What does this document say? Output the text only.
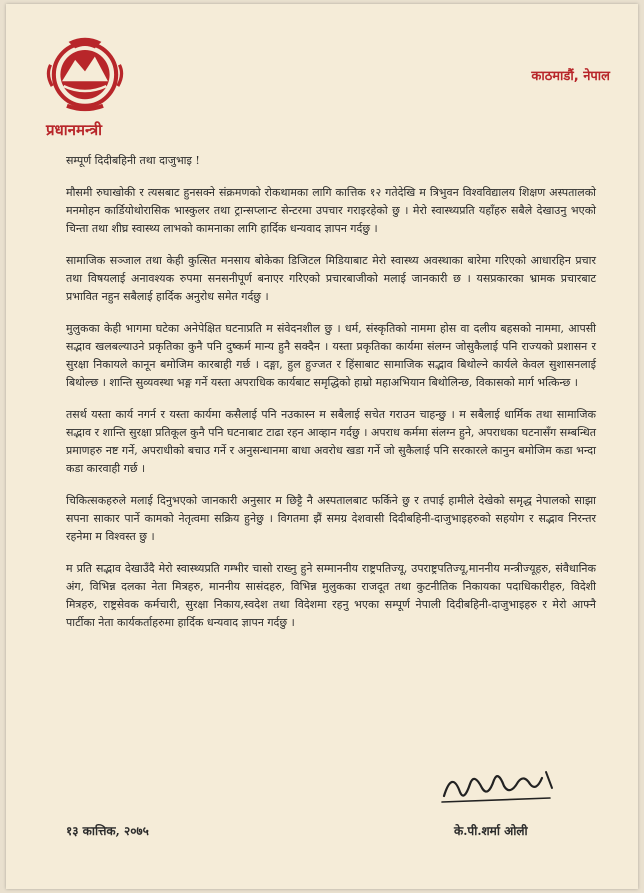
प्रधानमन्त्री
काठमाडौं, नेपाल

सम्पूर्ण दिदीबहिनी तथा दाजुभाइ !

मौसमी रुघाखोकी र त्यसबाट हुनसक्ने संक्रमणको रोकथामका लागि कात्तिक १२ गतेदेखि म त्रिभुवन विश्वविद्यालय शिक्षण अस्पतालको मनमोहन कार्डियोथोरासिक भास्कुलर तथा ट्रान्सप्लान्ट सेन्टरमा उपचार गराइरहेको छु । मेरो स्वास्थ्यप्रति यहाँहरु सबैले देखाउनु भएको चिन्ता तथा शीघ्र स्वास्थ्य लाभको कामनाका लागि हार्दिक धन्यवाद ज्ञापन गर्दछु ।

सामाजिक सञ्जाल तथा केही कुत्सित मनसाय बोकेका डिजिटल मिडियाबाट मेरो स्वास्थ्य अवस्थाका बारेमा गरिएको आधारहिन प्रचार तथा विषयलाई अनावश्यक रुपमा सनसनीपूर्ण बनाएर गरिएको प्रचारबाजीको मलाई जानकारी छ । यसप्रकारका भ्रामक प्रचारबाट प्रभावित नहुन सबैलाई हार्दिक अनुरोध समेत गर्दछु ।

मुलुकका केही भागमा घटेका अनेपेक्षित घटनाप्रति म संवेदनशील छु । धर्म, संस्कृतिको नाममा होस वा दलीय बहसको नाममा, आपसी सद्भाव खलबल्याउने प्रकृतिका कुनै पनि दुष्कर्म मान्य हुनै सक्दैन । यस्ता प्रकृतिका कार्यमा संलग्न जोसुकैलाई पनि राज्यको प्रशासन र सुरक्षा निकायले कानून बमोजिम कारबाही गर्छ । दङ्गा, हुल हुज्जत र हिंसाबाट सामाजिक सद्भाव बिथोल्ने कार्यले केवल सुशासनलाई बिथोल्छ । शान्ति सुव्यवस्था भङ्ग गर्ने यस्ता अपराधिक कार्यबाट समृद्धिको हाम्रो महाअभियान बिथोलिन्छ, विकासको मार्ग भत्किन्छ ।

तसर्थ यस्ता कार्य नगर्न र यस्ता कार्यमा कसैलाई पनि नउकास्न म सबैलाई सचेत गराउन चाहन्छु । म सबैलाई धार्मिक तथा सामाजिक सद्भाव र शान्ति सुरक्षा प्रतिकूल कुनै पनि घटनाबाट टाढा रहन आव्हान गर्दछु । अपराध कर्ममा संलग्न हुने, अपराधका घटनासँग सम्बन्धित प्रमाणहरु नष्ट गर्ने, अपराधीको बचाउ गर्ने र अनुसन्धानमा बाधा अवरोध खडा गर्ने जो सुकैलाई पनि सरकारले कानुन बमोजिम कडा भन्दा कडा कारवाही गर्छ ।

चिकित्सकहरुले मलाई दिनुभएको जानकारी अनुसार म छिट्टै नै अस्पतालबाट फर्किने छु र तपाई हामीले देखेको समृद्ध नेपालको साझा सपना साकार पार्ने कामको नेतृत्वमा सक्रिय हुनेछु । विगतमा झैं समग्र देशवासी दिदीबहिनी-दाजुभाइहरुको सहयोग र सद्भाव निरन्तर रहनेमा म विश्वस्त छु ।

म प्रति सद्भाव देखाउँदै मेरो स्वास्थ्यप्रति गम्भीर चासो राख्नु हुने सम्माननीय राष्ट्रपतिज्यू, उपराष्ट्रपतिज्यू,माननीय मन्त्रीज्यूहरु, संवैधानिक अंग, विभिन्न दलका नेता मित्रहरु, माननीय सासंदहरु, विभिन्न मुलुकका राजदूत तथा कुटनीतिक निकायका पदाधिकारीहरु, विदेशी मित्रहरु, राष्ट्रसेवक कर्मचारी, सुरक्षा निकाय,स्वदेश तथा विदेशमा रहनु भएका सम्पूर्ण नेपाली दिदीबहिनी-दाजुभाइहरु र मेरो आफ्नै पार्टीका नेता कार्यकर्ताहरुमा हार्दिक धन्यवाद ज्ञापन गर्दछु ।

१३ कात्तिक, २०७५	के.पी.शर्मा ओली
